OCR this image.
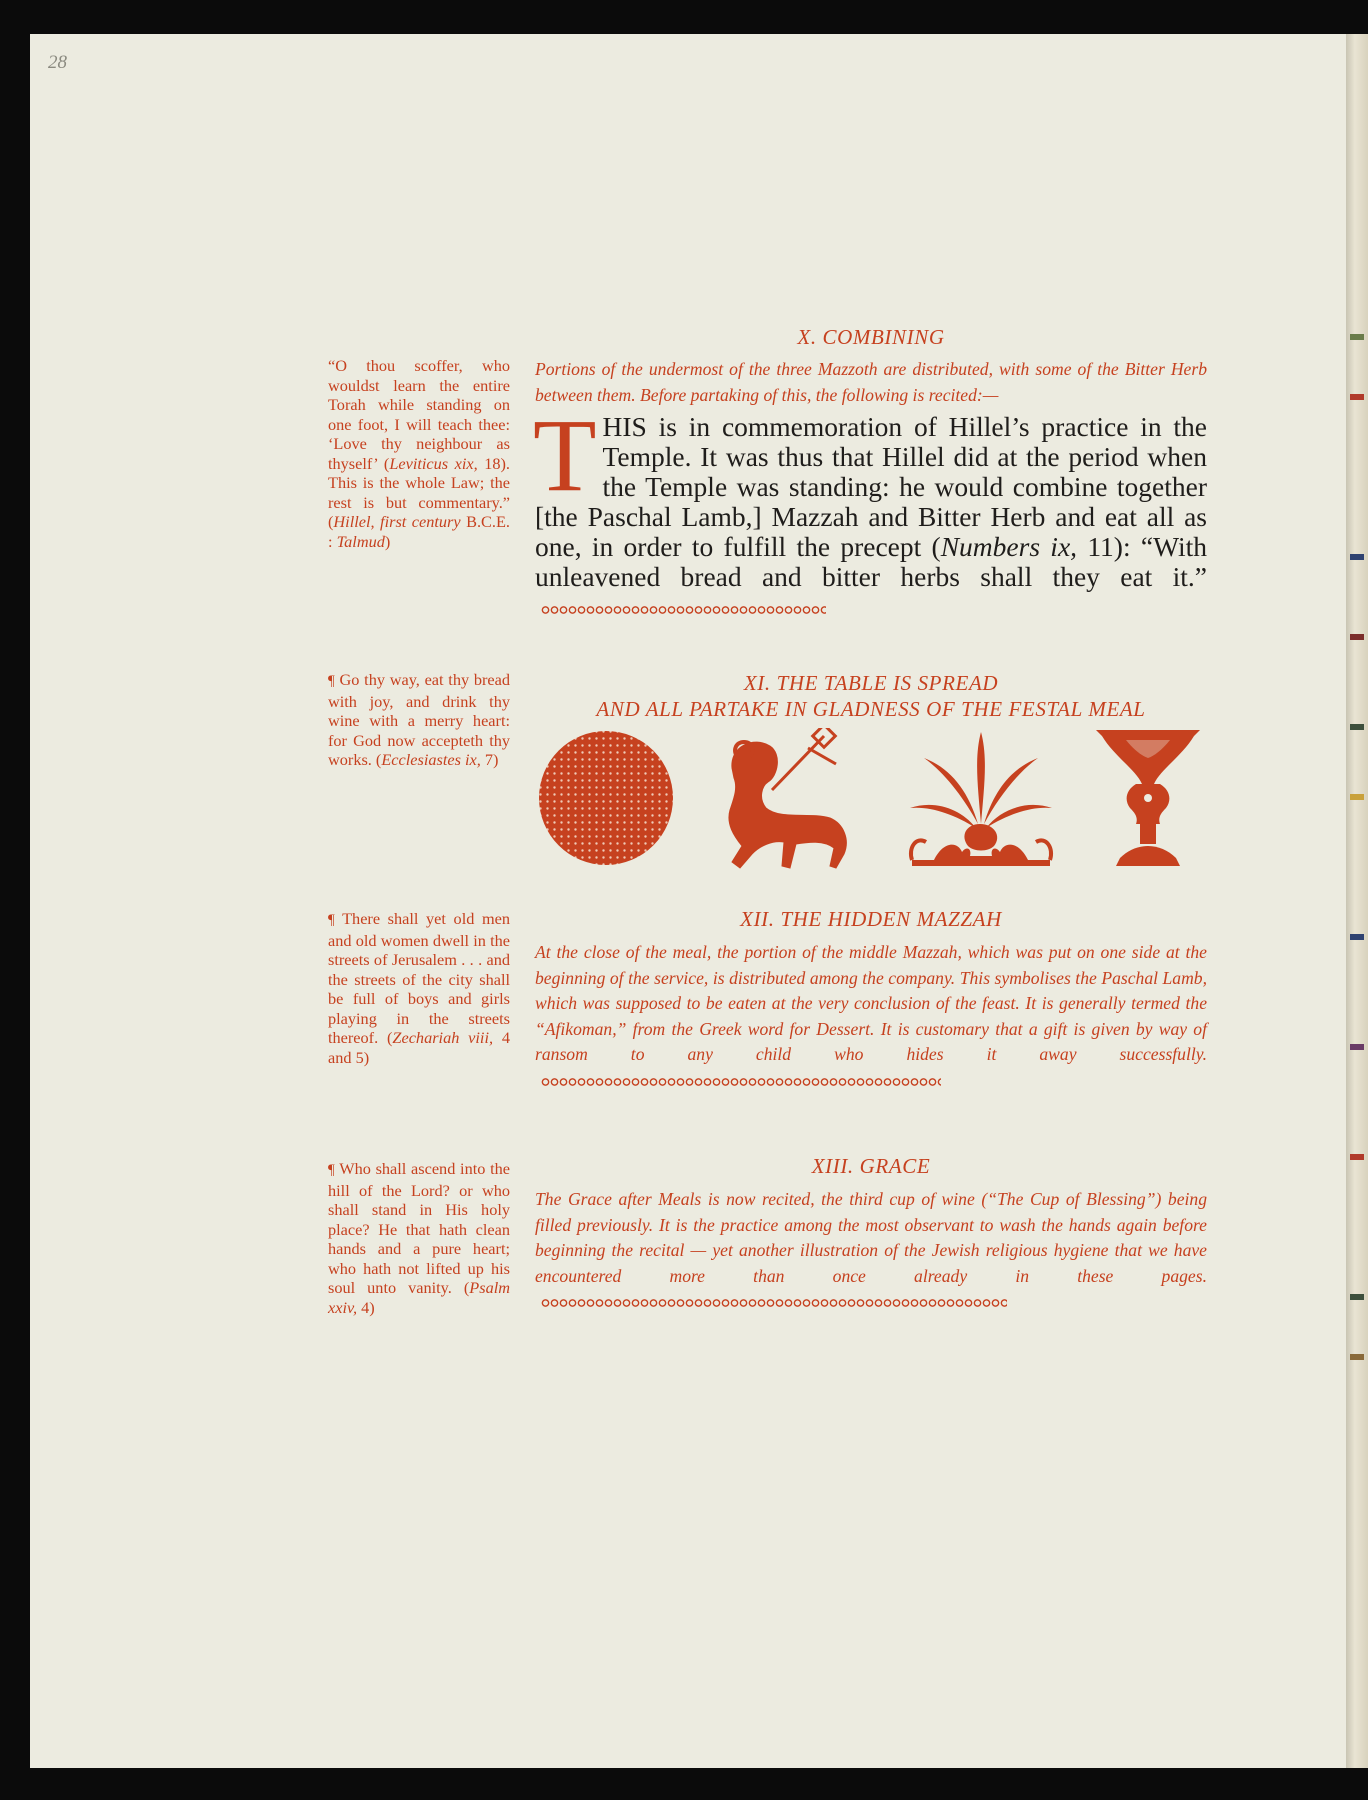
28
“O thou scoffer, who wouldst learn the entire Torah while standing on one foot, I will teach thee: ‘Love thy neighbour as thyself’ (Leviticus xix, 18). This is the whole Law; the rest is but commentary.” (Hillel, first century B.C.E. : Talmud)
¶ Go thy way, eat thy bread with joy, and drink thy wine with a merry heart: for God now accepteth thy works. (Ecclesiastes ix, 7)
¶ There shall yet old men and old women dwell in the streets of Jerusalem . . . and the streets of the city shall be full of boys and girls playing in the streets thereof. (Zechariah viii, 4 and 5)
¶ Who shall ascend into the hill of the Lord? or who shall stand in His holy place? He that hath clean hands and a pure heart; who hath not lifted up his soul unto vanity. (Psalm xxiv, 4)
X. COMBINING
Portions of the undermost of the three Mazzoth are distributed, with some of the Bitter Herb between them. Before partaking of this, the following is recited:—
T HIS is in commemoration of Hillel’s practice in the Temple. It was thus that Hillel did at the period when the Temple was standing: he would combine together [the Paschal Lamb,] Mazzah and Bitter Herb and eat all as one, in order to fulfill the precept (Numbers ix, 11): “With unleavened bread and bitter herbs shall they eat it.”
XI. THE TABLE IS SPREAD
AND ALL PARTAKE IN GLADNESS OF THE FESTAL MEAL
XII. THE HIDDEN MAZZAH
At the close of the meal, the portion of the middle Mazzah, which was put on one side at the beginning of the service, is distributed among the company. This symbolises the Paschal Lamb, which was supposed to be eaten at the very conclusion of the feast. It is generally termed the “Afikoman,” from the Greek word for Dessert. It is customary that a gift is given by way of ransom to any child who hides it away successfully.
XIII. GRACE
The Grace after Meals is now recited, the third cup of wine (“The Cup of Blessing”) being filled previously. It is the practice among the most observant to wash the hands again before beginning the recital — yet another illustration of the Jewish religious hygiene that we have encountered more than once already in these pages.
